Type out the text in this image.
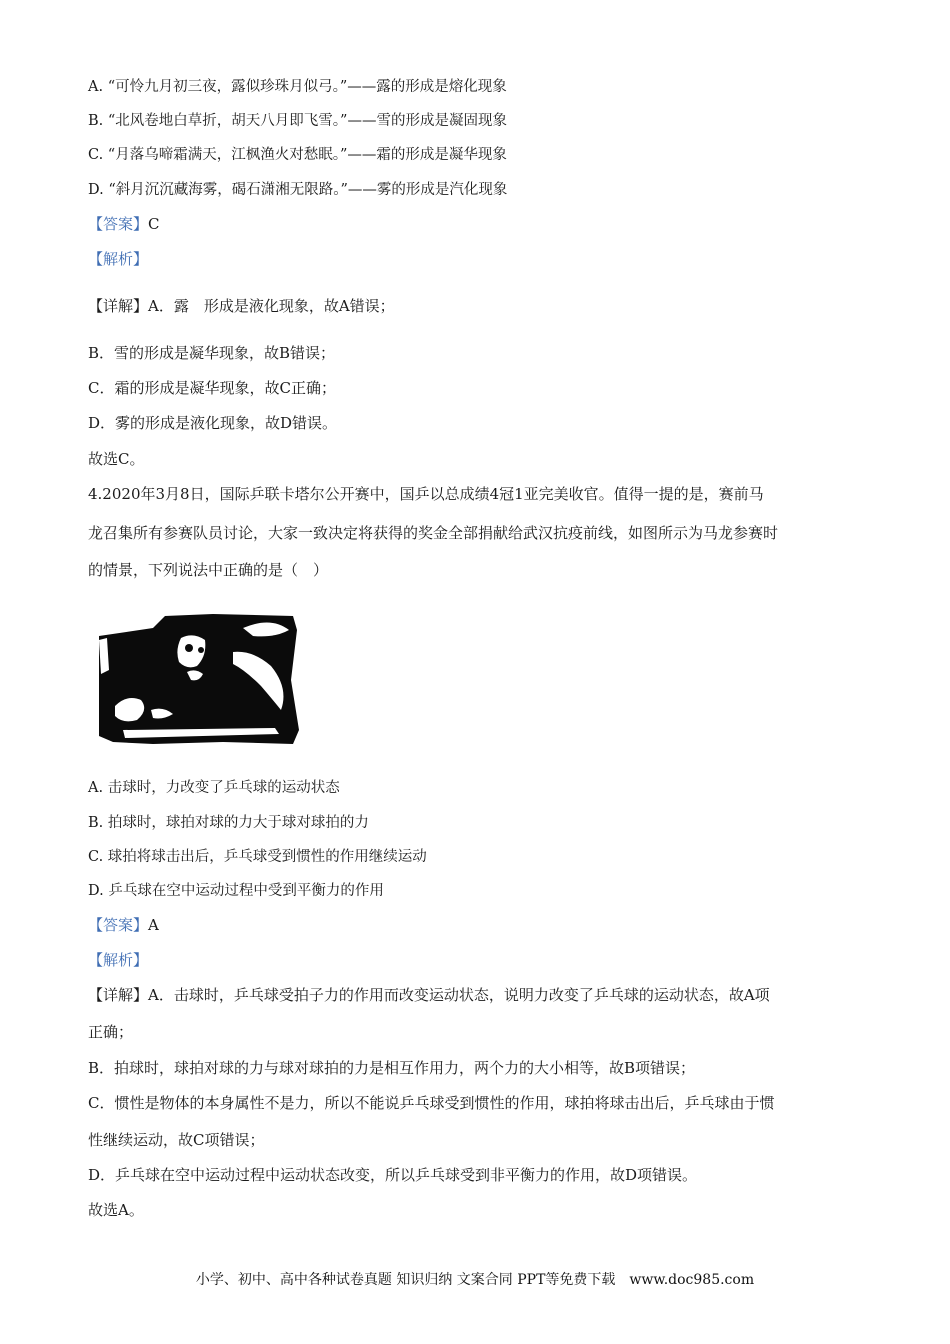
A. “可怜九月初三夜，露似珍珠月似弓。”——露的形成是熔化现象
B. “北风卷地白草折，胡天八月即飞雪。”——雪的形成是凝固现象
C. “月落乌啼霜满天，江枫渔火对愁眠。”——霜的形成是凝华现象
D. “斜月沉沉藏海雾，碣石潇湘无限路。”——雾的形成是汽化现象
【答案】C
【解析】
【详解】A．露　形成是液化现象，故A错误；
B．雪的形成是凝华现象，故B错误；
C．霜的形成是凝华现象，故C正确；
D．雾的形成是液化现象，故D错误。
故选C。
4.2020年3月8日，国际乒联卡塔尔公开赛中，国乒以总成绩4冠1亚完美收官。值得一提的是，赛前马
龙召集所有参赛队员讨论，大家一致决定将获得的奖金全部捐献给武汉抗疫前线，如图所示为马龙参赛时
的情景，下列说法中正确的是（　）
A. 击球时，力改变了乒乓球的运动状态
B. 拍球时，球拍对球的力大于球对球拍的力
C. 球拍将球击出后，乒乓球受到惯性的作用继续运动
D. 乒乓球在空中运动过程中受到平衡力的作用
【答案】A
【解析】
【详解】A．击球时，乒乓球受拍子力的作用而改变运动状态，说明力改变了乒乓球的运动状态，故A项
正确；
B．拍球时，球拍对球的力与球对球拍的力是相互作用力，两个力的大小相等，故B项错误；
C．惯性是物体的本身属性不是力，所以不能说乒乓球受到惯性的作用，球拍将球击出后，乒乓球由于惯
性继续运动，故C项错误；
D．乒乓球在空中运动过程中运动状态改变，所以乒乓球受到非平衡力的作用，故D项错误。
故选A。
小学、初中、高中各种试卷真题 知识归纳 文案合同 PPT等免费下载　www.doc985.com
